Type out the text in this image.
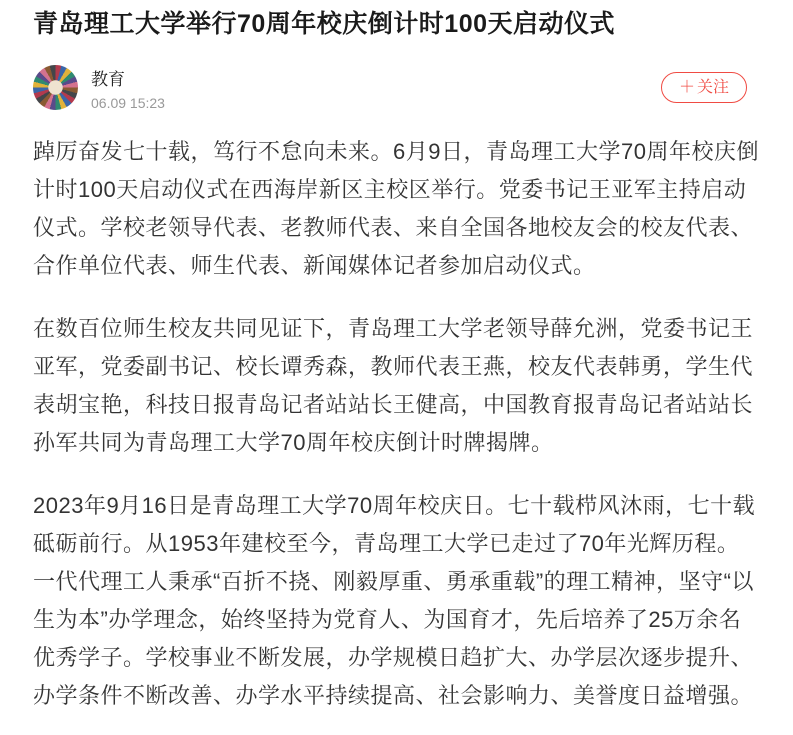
青岛理工大学举行70周年校庆倒计时100天启动仪式
教育
06.09 15:23
＋ 关注

踔厉奋发七十载，笃行不怠向未来。6月9日，青岛理工大学70周年校庆倒计时100天启动仪式在西海岸新区主校区举行。党委书记王亚军主持启动仪式。学校老领导代表、老教师代表、来自全国各地校友会的校友代表、合作单位代表、师生代表、新闻媒体记者参加启动仪式。

在数百位师生校友共同见证下，青岛理工大学老领导薛允洲，党委书记王亚军，党委副书记、校长谭秀森，教师代表王燕，校友代表韩勇，学生代表胡宝艳，科技日报青岛记者站站长王健高，中国教育报青岛记者站站长孙军共同为青岛理工大学70周年校庆倒计时牌揭牌。

2023年9月16日是青岛理工大学70周年校庆日。七十载栉风沐雨，七十载砥砺前行。从1953年建校至今，青岛理工大学已走过了70年光辉历程。一代代理工人秉承“百折不挠、刚毅厚重、勇承重载”的理工精神，坚守“以生为本”办学理念，始终坚持为党育人、为国育才，先后培养了25万余名优秀学子。学校事业不断发展，办学规模日趋扩大、办学层次逐步提升、办学条件不断改善、办学水平持续提高、社会影响力、美誉度日益增强。
